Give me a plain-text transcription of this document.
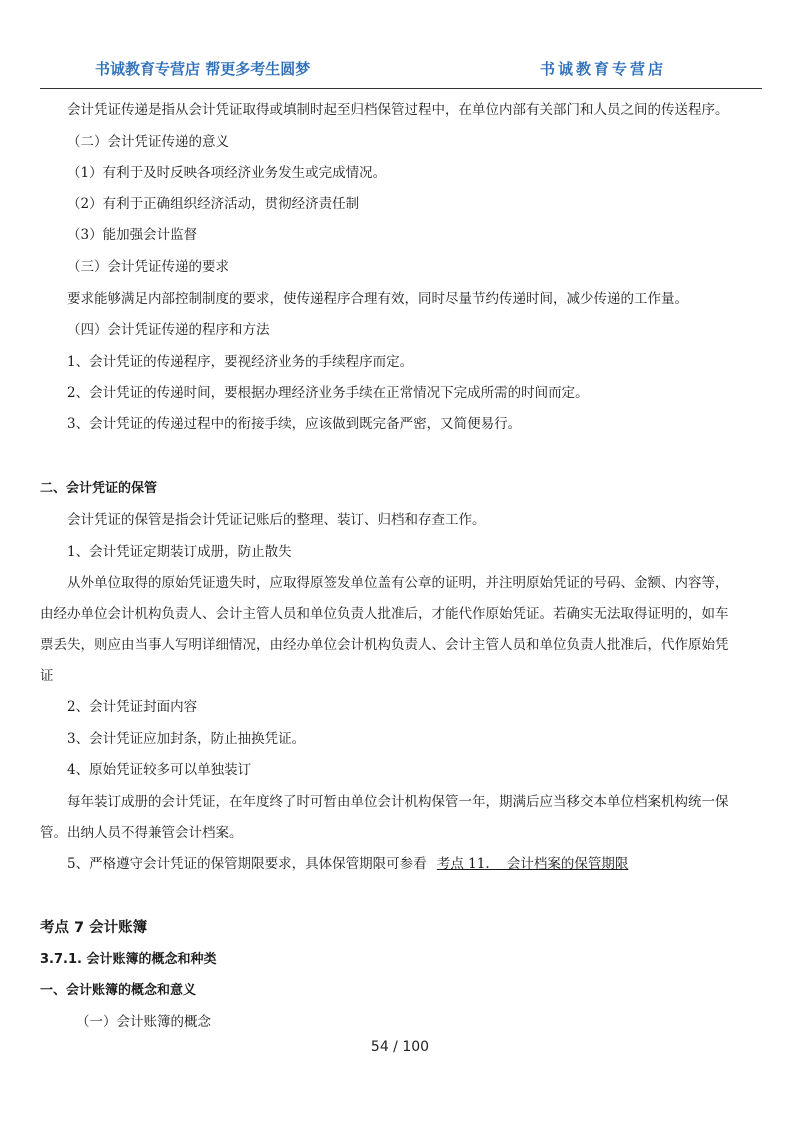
书诚教育专营店 帮更多考生圆梦	书诚教育专营店
会计凭证传递是指从会计凭证取得或填制时起至归档保管过程中，在单位内部有关部门和人员之间的传送程序。
（二）会计凭证传递的意义
（1）有利于及时反映各项经济业务发生或完成情况。
（2）有利于正确组织经济活动，贯彻经济责任制
（3）能加强会计监督
（三）会计凭证传递的要求
要求能够满足内部控制制度的要求，使传递程序合理有效，同时尽量节约传递时间，减少传递的工作量。
（四）会计凭证传递的程序和方法
1、会计凭证的传递程序，要视经济业务的手续程序而定。
2、会计凭证的传递时间，要根据办理经济业务手续在正常情况下完成所需的时间而定。
3、会计凭证的传递过程中的衔接手续，应该做到既完备严密，又简便易行。
二、会计凭证的保管
会计凭证的保管是指会计凭证记账后的整理、装订、归档和存查工作。
1、会计凭证定期装订成册，防止散失
从外单位取得的原始凭证遗失时，应取得原签发单位盖有公章的证明，并注明原始凭证的号码、金额、内容等，
由经办单位会计机构负责人、会计主管人员和单位负责人批准后，才能代作原始凭证。若确实无法取得证明的，如车
票丢失，则应由当事人写明详细情况，由经办单位会计机构负责人、会计主管人员和单位负责人批准后，代作原始凭
证
2、会计凭证封面内容
3、会计凭证应加封条，防止抽换凭证。
4、原始凭证较多可以单独装订
每年装订成册的会计凭证，在年度终了时可暂由单位会计机构保管一年，期满后应当移交本单位档案机构统一保
管。出纳人员不得兼管会计档案。
5、严格遵守会计凭证的保管期限要求，具体保管期限可参看 考点 11.    会计档案的保管期限
考点 7 会计账簿
3.7.1. 会计账簿的概念和种类
一、会计账簿的概念和意义
（一）会计账簿的概念
54 / 100
